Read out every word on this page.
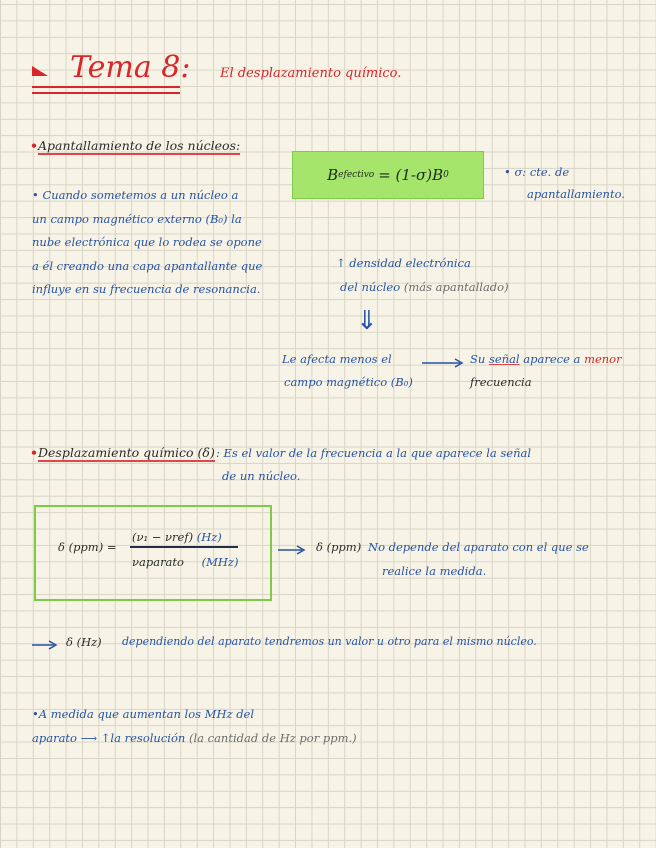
Tema 8: El desplazamiento químico.
•Apantallamiento de los núcleos:
B efectivo = (1-σ)B 0	• σ: cte. de
apantallamiento.
• Cuando sometemos a un núcleo a
un campo magnético externo (B₀) la
nube electrónica que lo rodea se opone
a él creando una capa apantallante que
influye en su frecuencia de resonancia.
↑ densidad electrónica
del núcleo (más apantallado)
⇓
Le afecta menos el
campo magnético (B₀)
Su señal aparece a menor
frecuencia
•Desplazamiento químico (δ) : Es el valor de la frecuencia a la que aparece la señal
de un núcleo.
δ (ppm) =
(ν₁ − νref) (Hz)
νaparato (MHz)
δ (ppm) No depende del aparato con el que se
realice la medida.
δ (Hz) dependiendo del aparato tendremos un valor u otro para el mismo núcleo.
•A medida que aumentan los MHz del
aparato ⟶ ↑la resolución (la cantidad de Hz por ppm.)
